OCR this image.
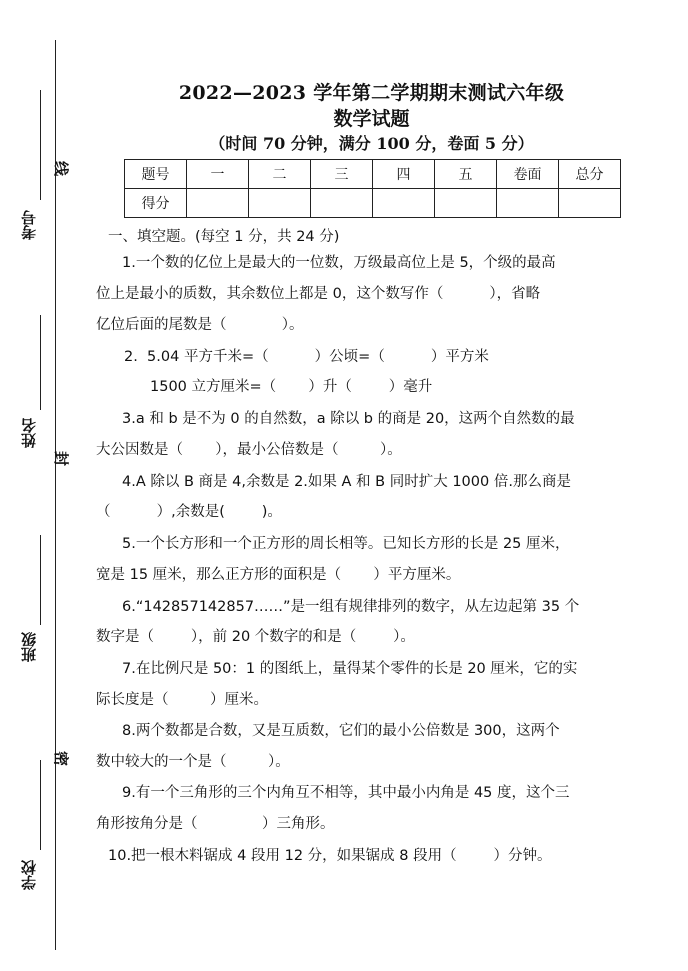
考号
线
姓名
封
班级
密
学校
2022—2023 学年第二学期期末测试六年级
数学试题
（时间 70 分钟，满分 100 分，卷面 5 分）
题号	一	二	三	四	五	卷面	总分
得分							
一、填空题。(每空 1 分，共 24 分)
1.一个数的亿位上是最大的一位数，万级最高位上是 5，个级的最高
位上是最小的质数，其余数位上都是 0，这个数写作（          ），省略
亿位后面的尾数是（            ）。
2.  5.04 平方千米=（          ）公顷=（          ）平方米
1500 立方厘米=（       ）升（        ）毫升
3.a 和 b 是不为 0 的自然数，a 除以 b 的商是 20，这两个自然数的最
大公因数是（       ），最小公倍数是（         ）。
4.A 除以 B 商是 4,余数是 2.如果 A 和 B 同时扩大 1000 倍.那么商是
（          ）,余数是(        )。
5.一个长方形和一个正方形的周长相等。已知长方形的长是 25 厘米，
宽是 15 厘米，那么正方形的面积是（       ）平方厘米。
6.“142857142857……”是一组有规律排列的数字，从左边起第 35 个
数字是（        ），前 20 个数字的和是（        ）。
7.在比例尺是 50：1 的图纸上，量得某个零件的长是 20 厘米，它的实
际长度是（         ）厘米。
8.两个数都是合数，又是互质数，它们的最小公倍数是 300，这两个
数中较大的一个是（         ）。
9.有一个三角形的三个内角互不相等，其中最小内角是 45 度，这个三
角形按角分是（              ）三角形。
10.把一根木料锯成 4 段用 12 分，如果锯成 8 段用（        ）分钟。
